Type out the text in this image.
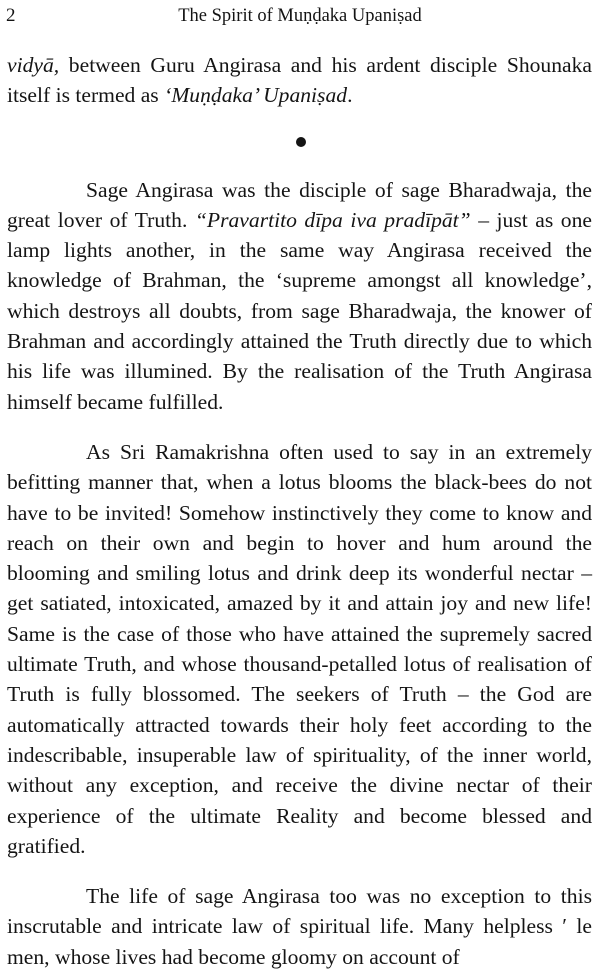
2	The Spirit of Muṇḍaka Upaniṣad

vidyā, between Guru Angirasa and his ardent disciple Shounaka itself is termed as ‘Muṇḍaka’ Upaniṣad.

Sage Angirasa was the disciple of sage Bharadwaja, the great lover of Truth. “Pravartito dīpa iva pradīpāt” – just as one lamp lights another, in the same way Angirasa received the knowledge of Brahman, the ‘supreme amongst all knowledge’, which destroys all doubts, from sage Bharadwaja, the knower of Brahman and accordingly attained the Truth directly due to which his life was illumined. By the realisation of the Truth Angirasa himself became fulfilled.

As Sri Ramakrishna often used to say in an extremely befitting manner that, when a lotus blooms the black-bees do not have to be invited! Somehow instinctively they come to know and reach on their own and begin to hover and hum around the blooming and smiling lotus and drink deep its wonderful nectar – get satiated, intoxicated, amazed by it and attain joy and new life! Same is the case of those who have attained the supremely sacred ultimate Truth, and whose thousand-petalled lotus of realisation of Truth is fully blossomed. The seekers of Truth – the God are automatically attracted towards their holy feet according to the indescribable, insuperable law of spirituality, of the inner world, without any exception, and receive the divine nectar of their experience of the ultimate Reality and become blessed and gratified.

The life of sage Angirasa too was no exception to this inscrutable and intricate law of spiritual life. Many helpless ʹ le men, whose lives had become gloomy on account of
